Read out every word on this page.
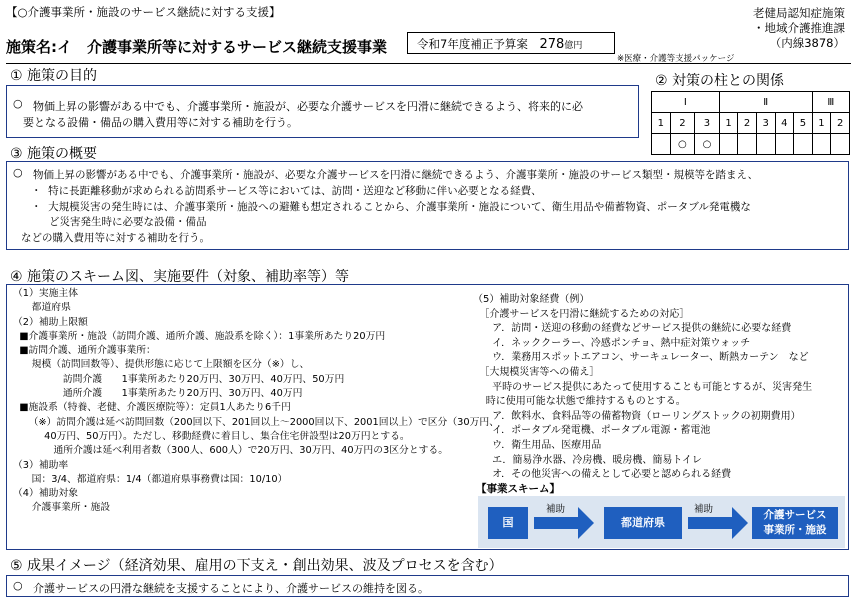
【○介護事業所・施設のサービス継続に対する支援】	老健局認知症施策
・地域介護推進課
（内線3878）
施策名:イ　介護事業所等に対するサービス継続支援事業	令和7年度補正予算案 278億円
※医療・介護等支援パッケージ
① 施策の目的
○ 物価上昇の影響がある中でも、介護事業所・施設が、必要な介護サービスを円滑に継続できるよう、将来的に必
要となる設備・備品の購入費用等に対する補助を行う。
② 対策の柱との関係
Ⅰ			Ⅱ					Ⅲ	
1	2	3	1	2	3	4	5	1	2
	○	○							
③ 施策の概要
○ 物価上昇の影響がある中でも、介護事業所・施設が、必要な介護サービスを円滑に継続できるよう、介護事業所・施設のサービス類型・規模等を踏まえ、
・  特に長距離移動が求められる訪問系サービス等においては、訪問・送迎など移動に伴い必要となる経費、
・  大規模災害の発生時には、介護事業所・施設への避難も想定されることから、介護事業所・施設について、衛生用品や備蓄物資、ポータブル発電機な
ど災害発生時に必要な設備・備品
などの購入費用等に対する補助を行う。
④ 施策のスキーム図、実施要件（対象、補助率等）等
（1）実施主体
都道府県
（2）補助上限額
■介護事業所・施設（訪問介護、通所介護、施設系を除く）：1事業所あたり20万円
■訪問介護、通所介護事業所：
規模（訪問回数等）、提供形態に応じて上限額を区分（※）し、
訪問介護　　1事業所あたり20万円、30万円、40万円、50万円
通所介護　　1事業所あたり20万円、30万円、40万円
■施設系（特養、老健、介護医療院等）：定員1人あたり6千円
（※）訪問介護は延べ訪問回数（200回以下、201回以上～2000回以下、2001回以上）で区分（30万円、
40万円、50万円）。ただし、移動経費に着目し、集合住宅併設型は20万円とする。
通所介護は延べ利用者数（300人、600人）で20万円、30万円、40万円の3区分とする。
（3）補助率
国：3/4、都道府県：1/4（都道府県事務費は国：10/10）
（4）補助対象
介護事業所・施設
（5）補助対象経費（例）
［介護サービスを円滑に継続するための対応］
ア．訪問・送迎の移動の経費などサービス提供の継続に必要な経費
イ．ネッククーラー、冷感ポンチョ、熱中症対策ウォッチ
ウ．業務用スポットエアコン、サーキュレーター、断熱カーテン　など
［大規模災害等への備え］
平時のサービス提供にあたって使用することも可能とするが、災害発生
時に使用可能な状態で維持するものとする。
ア．飲料水、食料品等の備蓄物資（ローリングストックの初期費用）
イ．ポータブル発電機、ポータブル電源・蓄電池
ウ．衛生用品、医療用品
エ．簡易浄水器、冷房機、暖房機、簡易トイレ
オ．その他災害への備えとして必要と認められる経費
【事業スキーム】
国
補助
都道府県
補助	介護サービス
事業所・施設
⑤ 成果イメージ（経済効果、雇用の下支え・創出効果、波及プロセスを含む）
○ 介護サービスの円滑な継続を支援することにより、介護サービスの維持を図る。
